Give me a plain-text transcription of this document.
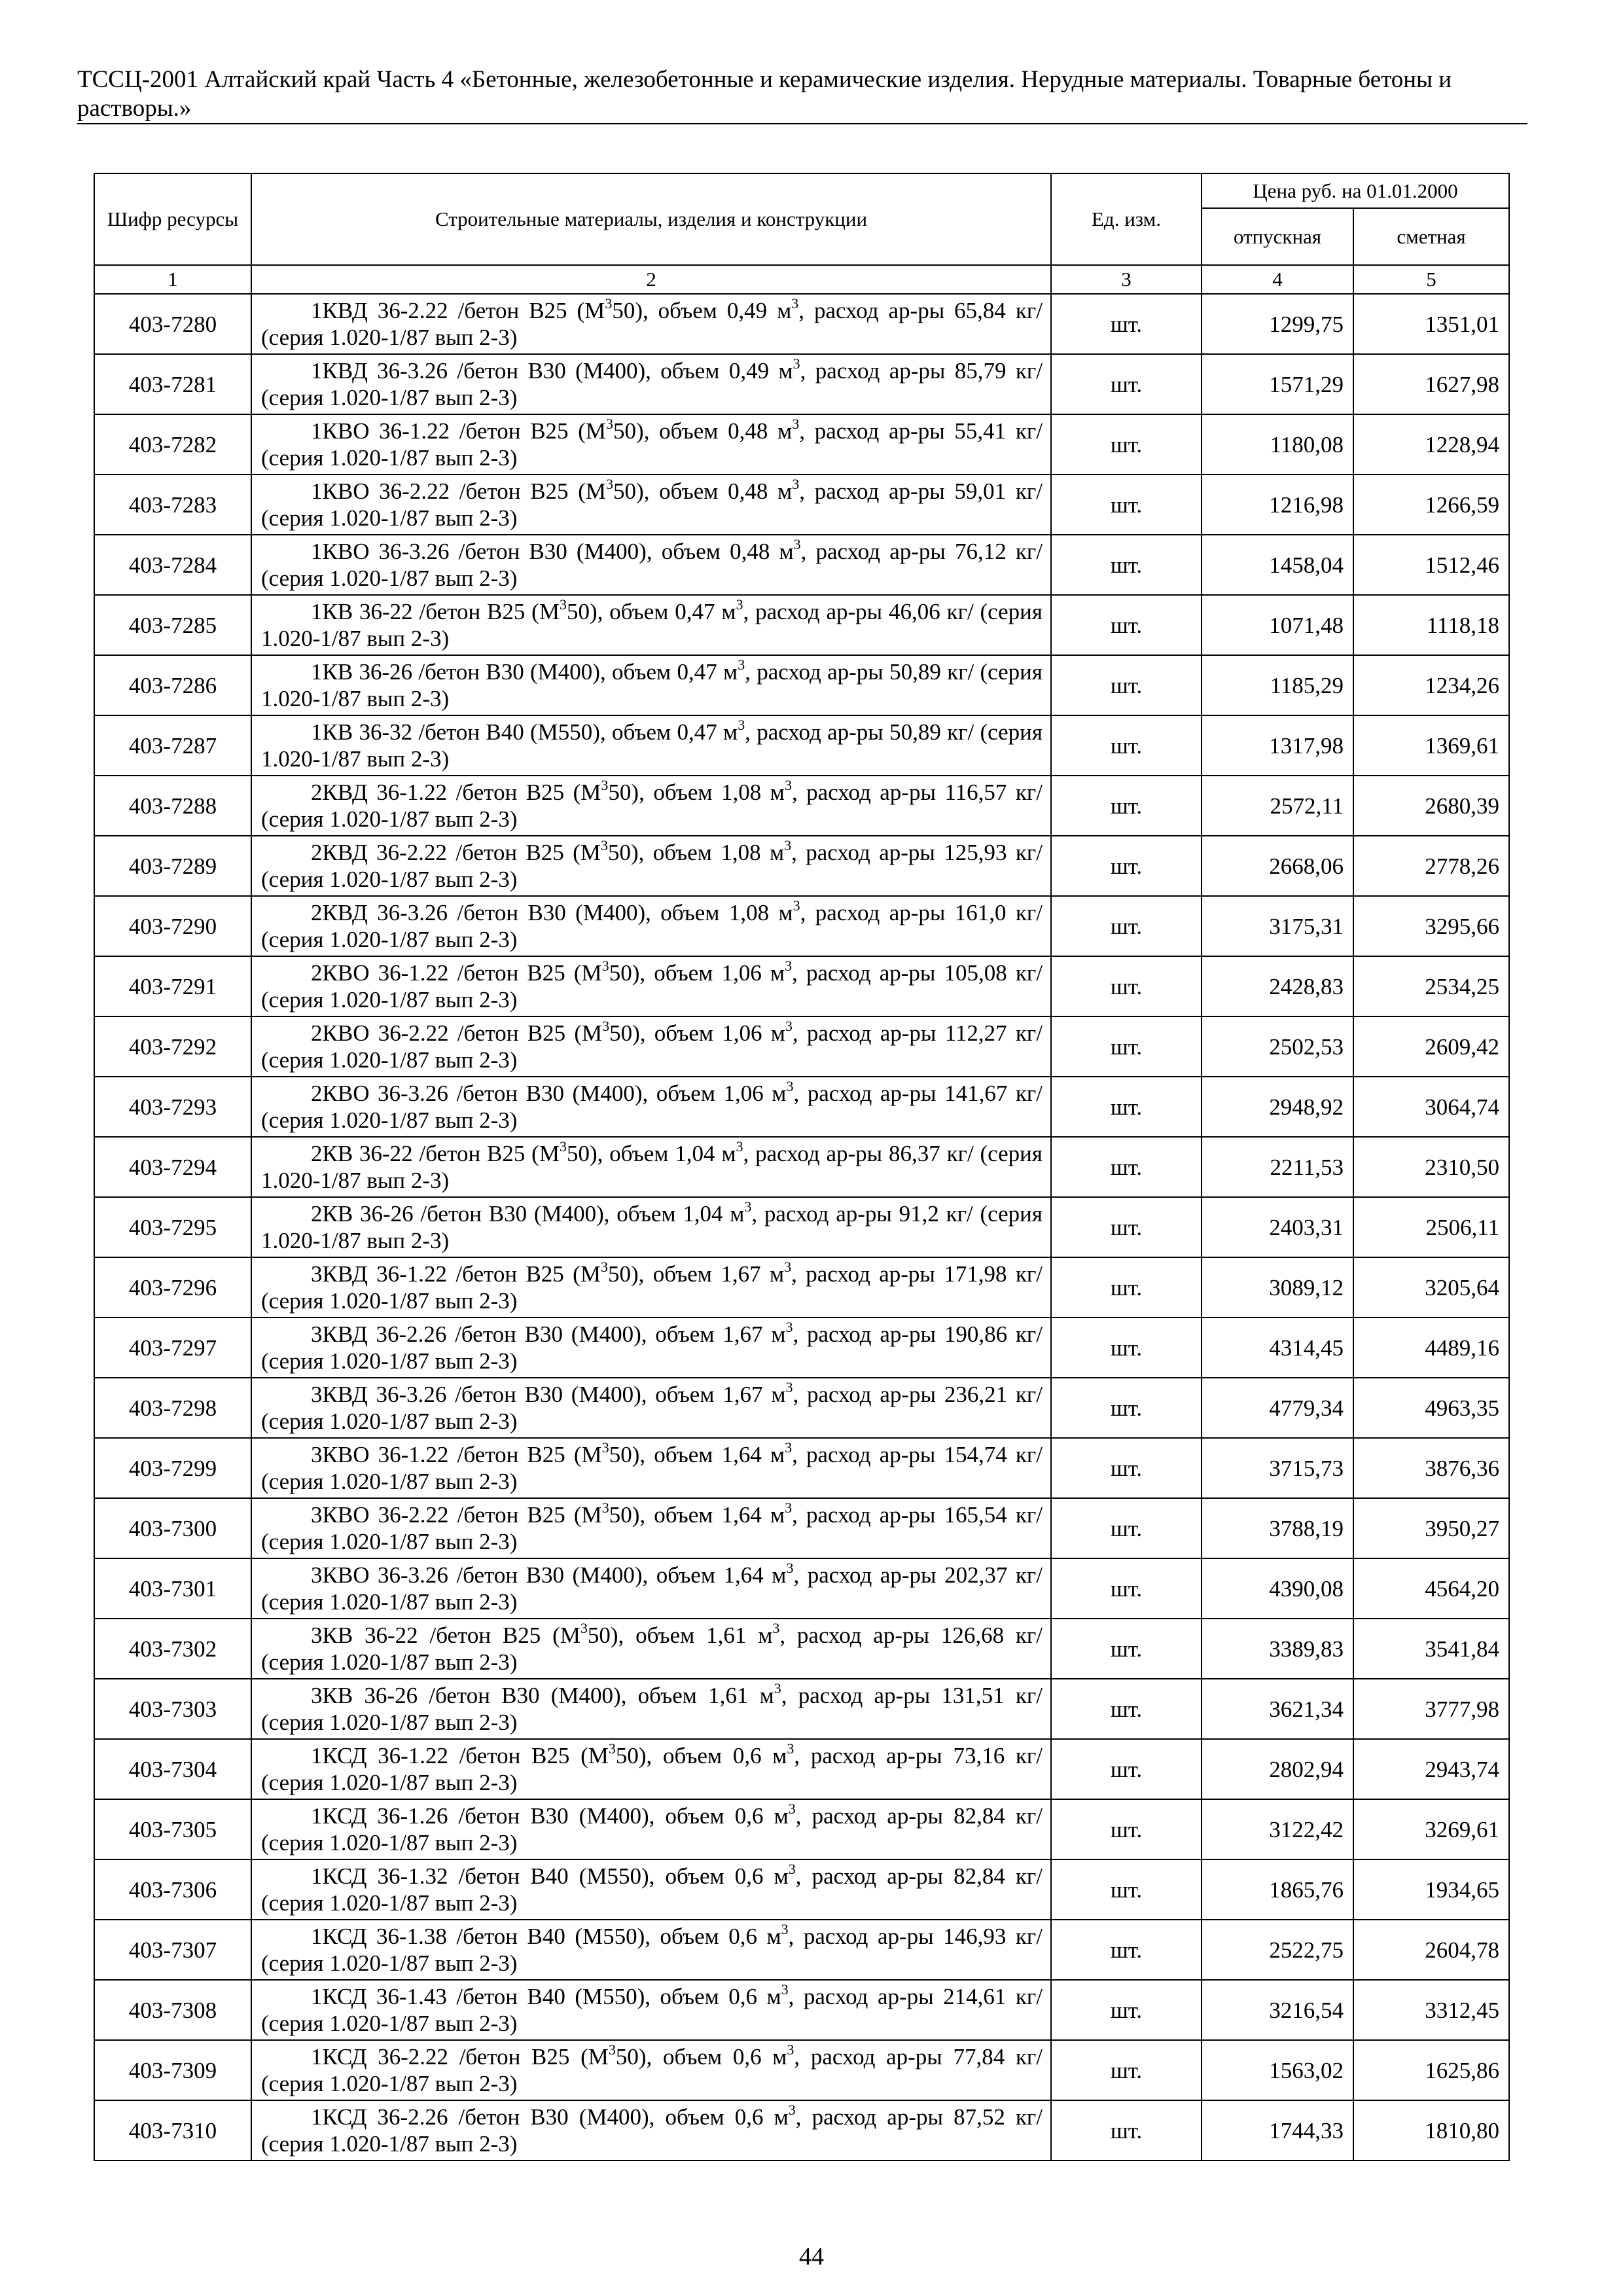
ТССЦ-2001 Алтайский край Часть 4 «Бетонные, железобетонные и керамические изделия. Нерудные материалы. Товарные бетоны и
растворы.»
Шифр ресурсы	Строительные материалы, изделия и конструкции	Ед. изм.	Цена руб. на 01.01.2000	
			отпускная	сметная
1	2	3	4	5
403-7280	1КВД 36-2.22 /бетон В25 $(М^350)$, объем 0,49 $м^3$, расход ар-ры 65,84 кг/ (серия 1.020-1/87 вып 2-3)	шт.	1299,75	1351,01
403-7281	1КВД 36-3.26 /бетон В30 (М400), объем 0,49 $м^3$, расход ар-ры 85,79 кг/ (серия 1.020-1/87 вып 2-3)	шт.	1571,29	1627,98
403-7282	1КВО 36-1.22 /бетон В25 $(М^350)$, объем 0,48 $м^3$, расход ар-ры 55,41 кг/ (серия 1.020-1/87 вып 2-3)	шт.	1180,08	1228,94
403-7283	1КВО 36-2.22 /бетон В25 $(М^350)$, объем 0,48 $м^3$, расход ар-ры 59,01 кг/ (серия 1.020-1/87 вып 2-3)	шт.	1216,98	1266,59
403-7284	1КВО 36-3.26 /бетон В30 (М400), объем 0,48 $м^3$, расход ар-ры 76,12 кг/ (серия 1.020-1/87 вып 2-3)	шт.	1458,04	1512,46
403-7285	1КВ 36-22 /бетон В25 $(М^350)$, объем 0,47 $м^3$, расход ар-ры 46,06 кг/ (серия 1.020-1/87 вып 2-3)	шт.	1071,48	1118,18
403-7286	1КВ 36-26 /бетон В30 (М400), объем 0,47 $м^3$, расход ар-ры 50,89 кг/ (серия 1.020-1/87 вып 2-3)	шт.	1185,29	1234,26
403-7287	1КВ 36-32 /бетон В40 (М550), объем 0,47 $м^3$, расход ар-ры 50,89 кг/ (серия 1.020-1/87 вып 2-3)	шт.	1317,98	1369,61
403-7288	2КВД 36-1.22 /бетон В25 $(М^350)$, объем 1,08 $м^3$, расход ар-ры 116,57 кг/ (серия 1.020-1/87 вып 2-3)	шт.	2572,11	2680,39
403-7289	2КВД 36-2.22 /бетон В25 $(М^350)$, объем 1,08 $м^3$, расход ар-ры 125,93 кг/ (серия 1.020-1/87 вып 2-3)	шт.	2668,06	2778,26
403-7290	2КВД 36-3.26 /бетон В30 (М400), объем 1,08 $м^3$, расход ар-ры 161,0 кг/ (серия 1.020-1/87 вып 2-3)	шт.	3175,31	3295,66
403-7291	2КВО 36-1.22 /бетон В25 $(М^350)$, объем 1,06 $м^3$, расход ар-ры 105,08 кг/ (серия 1.020-1/87 вып 2-3)	шт.	2428,83	2534,25
403-7292	2КВО 36-2.22 /бетон В25 $(М^350)$, объем 1,06 $м^3$, расход ар-ры 112,27 кг/ (серия 1.020-1/87 вып 2-3)	шт.	2502,53	2609,42
403-7293	2КВО 36-3.26 /бетон В30 (М400), объем 1,06 $м^3$, расход ар-ры 141,67 кг/ (серия 1.020-1/87 вып 2-3)	шт.	2948,92	3064,74
403-7294	2КВ 36-22 /бетон В25 $(М^350)$, объем 1,04 $м^3$, расход ар-ры 86,37 кг/ (серия 1.020-1/87 вып 2-3)	шт.	2211,53	2310,50
403-7295	2КВ 36-26 /бетон В30 (М400), объем 1,04 $м^3$, расход ар-ры 91,2 кг/ (серия 1.020-1/87 вып 2-3)	шт.	2403,31	2506,11
403-7296	3КВД 36-1.22 /бетон В25 $(М^350)$, объем 1,67 $м^3$, расход ар-ры 171,98 кг/ (серия 1.020-1/87 вып 2-3)	шт.	3089,12	3205,64
403-7297	3КВД 36-2.26 /бетон В30 (М400), объем 1,67 $м^3$, расход ар-ры 190,86 кг/ (серия 1.020-1/87 вып 2-3)	шт.	4314,45	4489,16
403-7298	3КВД 36-3.26 /бетон В30 (М400), объем 1,67 $м^3$, расход ар-ры 236,21 кг/ (серия 1.020-1/87 вып 2-3)	шт.	4779,34	4963,35
403-7299	3КВО 36-1.22 /бетон В25 $(М^350)$, объем 1,64 $м^3$, расход ар-ры 154,74 кг/ (серия 1.020-1/87 вып 2-3)	шт.	3715,73	3876,36
403-7300	3КВО 36-2.22 /бетон В25 $(М^350)$, объем 1,64 $м^3$, расход ар-ры 165,54 кг/ (серия 1.020-1/87 вып 2-3)	шт.	3788,19	3950,27
403-7301	3КВО 36-3.26 /бетон В30 (М400), объем 1,64 $м^3$, расход ар-ры 202,37 кг/ (серия 1.020-1/87 вып 2-3)	шт.	4390,08	4564,20
403-7302	3КВ 36-22 /бетон В25 $(М^350)$, объем 1,61 $м^3$, расход ар-ры 126,68 кг/ (серия 1.020-1/87 вып 2-3)	шт.	3389,83	3541,84
403-7303	3КВ 36-26 /бетон В30 (М400), объем 1,61 $м^3$, расход ар-ры 131,51 кг/ (серия 1.020-1/87 вып 2-3)	шт.	3621,34	3777,98
403-7304	1КСД 36-1.22 /бетон В25 $(М^350)$, объем 0,6 $м^3$, расход ар-ры 73,16 кг/ (серия 1.020-1/87 вып 2-3)	шт.	2802,94	2943,74
403-7305	1КСД 36-1.26 /бетон В30 (М400), объем 0,6 $м^3$, расход ар-ры 82,84 кг/ (серия 1.020-1/87 вып 2-3)	шт.	3122,42	3269,61
403-7306	1КСД 36-1.32 /бетон В40 (М550), объем 0,6 $м^3$, расход ар-ры 82,84 кг/ (серия 1.020-1/87 вып 2-3)	шт.	1865,76	1934,65
403-7307	1КСД 36-1.38 /бетон В40 (М550), объем 0,6 $м^3$, расход ар-ры 146,93 кг/ (серия 1.020-1/87 вып 2-3)	шт.	2522,75	2604,78
403-7308	1КСД 36-1.43 /бетон В40 (М550), объем 0,6 $м^3$, расход ар-ры 214,61 кг/ (серия 1.020-1/87 вып 2-3)	шт.	3216,54	3312,45
403-7309	1КСД 36-2.22 /бетон В25 $(М^350)$, объем 0,6 $м^3$, расход ар-ры 77,84 кг/ (серия 1.020-1/87 вып 2-3)	шт.	1563,02	1625,86
403-7310	1КСД 36-2.26 /бетон В30 (М400), объем 0,6 $м^3$, расход ар-ры 87,52 кг/ (серия 1.020-1/87 вып 2-3)	шт.	1744,33	1810,80
44
